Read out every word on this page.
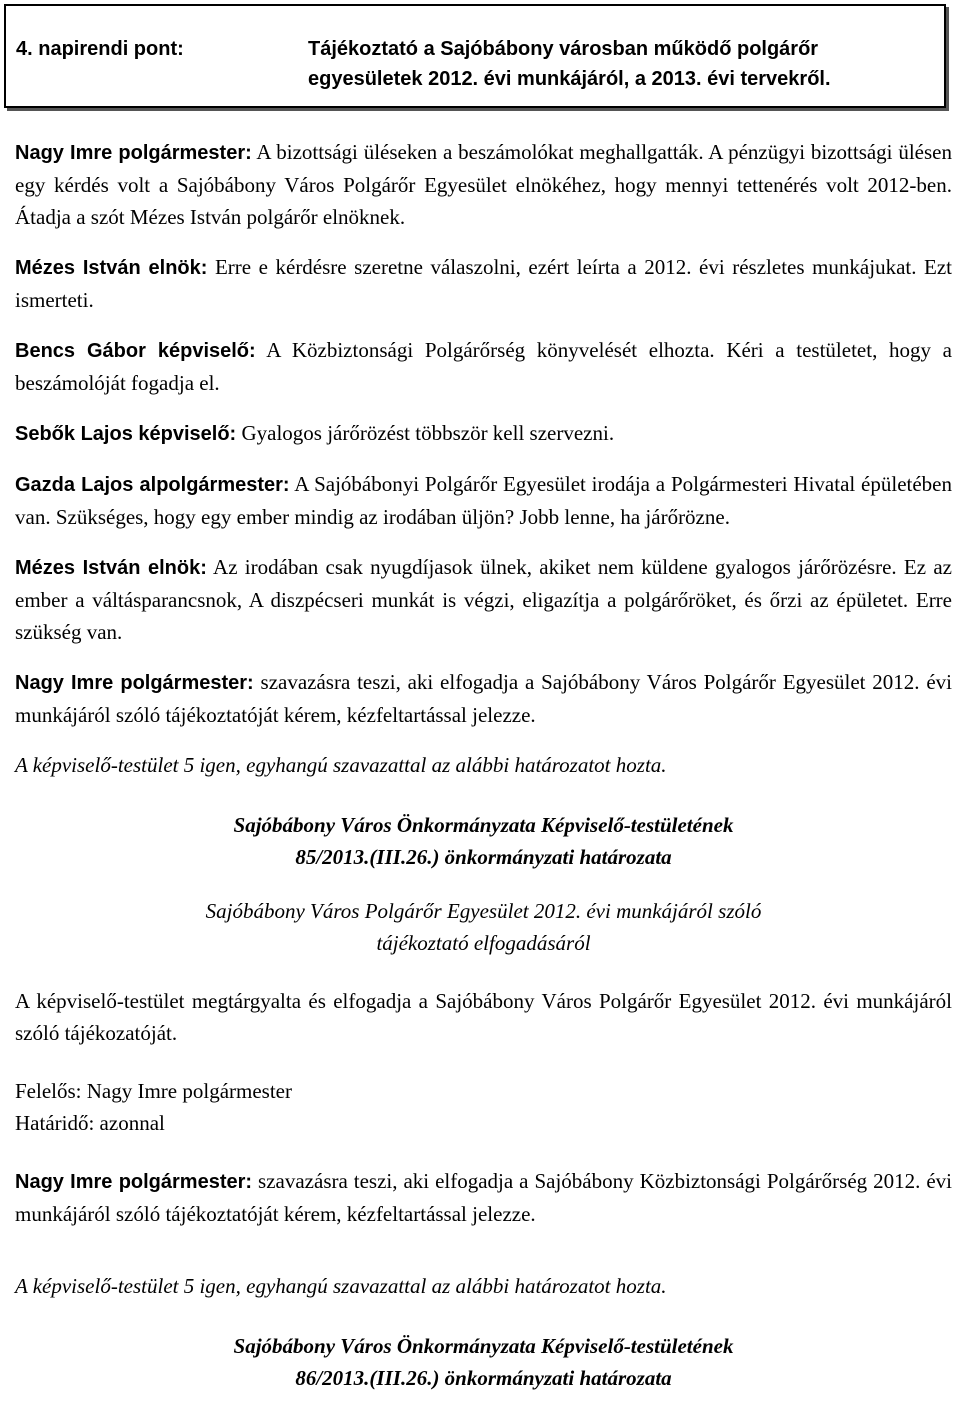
4. napirendi pont:	Tájékoztató a Sajóbábony városban működő polgárőr
egyesületek 2012. évi munkájáról, a 2013. évi tervekről.

Nagy Imre polgármester: A bizottsági üléseken a beszámolókat meghallgatták. A pénzügyi bizottsági ülésen egy kérdés volt a Sajóbábony Város Polgárőr Egyesület elnökéhez, hogy mennyi tettenérés volt 2012-ben. Átadja a szót Mézes István polgárőr elnöknek.

Mézes István elnök: Erre e kérdésre szeretne válaszolni, ezért leírta a 2012. évi részletes munkájukat. Ezt ismerteti.

Bencs Gábor képviselő: A Közbiztonsági Polgárőrség könyvelését elhozta. Kéri a testületet, hogy a beszámolóját fogadja el.

Sebők Lajos képviselő: Gyalogos járőrözést többször kell szervezni.

Gazda Lajos alpolgármester: A Sajóbábonyi Polgárőr Egyesület irodája a Polgármesteri Hivatal épületében van. Szükséges, hogy egy ember mindig az irodában üljön? Jobb lenne, ha járőrözne.

Mézes István elnök: Az irodában csak nyugdíjasok ülnek, akiket nem küldene gyalogos járőrözésre. Ez az ember a váltásparancsnok, A diszpécseri munkát is végzi, eligazítja a polgárőröket, és őrzi az épületet. Erre szükség van.

Nagy Imre polgármester: szavazásra teszi, aki elfogadja a Sajóbábony Város Polgárőr Egyesület 2012. évi munkájáról szóló tájékoztatóját kérem, kézfeltartással jelezze.

A képviselő-testület 5 igen, egyhangú szavazattal az alábbi határozatot hozta.

Sajóbábony Város Önkormányzata Képviselő-testületének

85/2013.(III.26.) önkormányzati határozata

Sajóbábony Város Polgárőr Egyesület 2012. évi munkájáról szóló

tájékoztató elfogadásáról

A képviselő-testület megtárgyalta és elfogadja a Sajóbábony Város Polgárőr Egyesület 2012. évi munkájáról szóló tájékozatóját.

Felelős: Nagy Imre polgármester

Határidő: azonnal

Nagy Imre polgármester: szavazásra teszi, aki elfogadja a Sajóbábony Közbiztonsági Polgárőrség 2012. évi munkájáról szóló tájékoztatóját kérem, kézfeltartással jelezze.

A képviselő-testület 5 igen, egyhangú szavazattal az alábbi határozatot hozta.

Sajóbábony Város Önkormányzata Képviselő-testületének

86/2013.(III.26.) önkormányzati határozata
